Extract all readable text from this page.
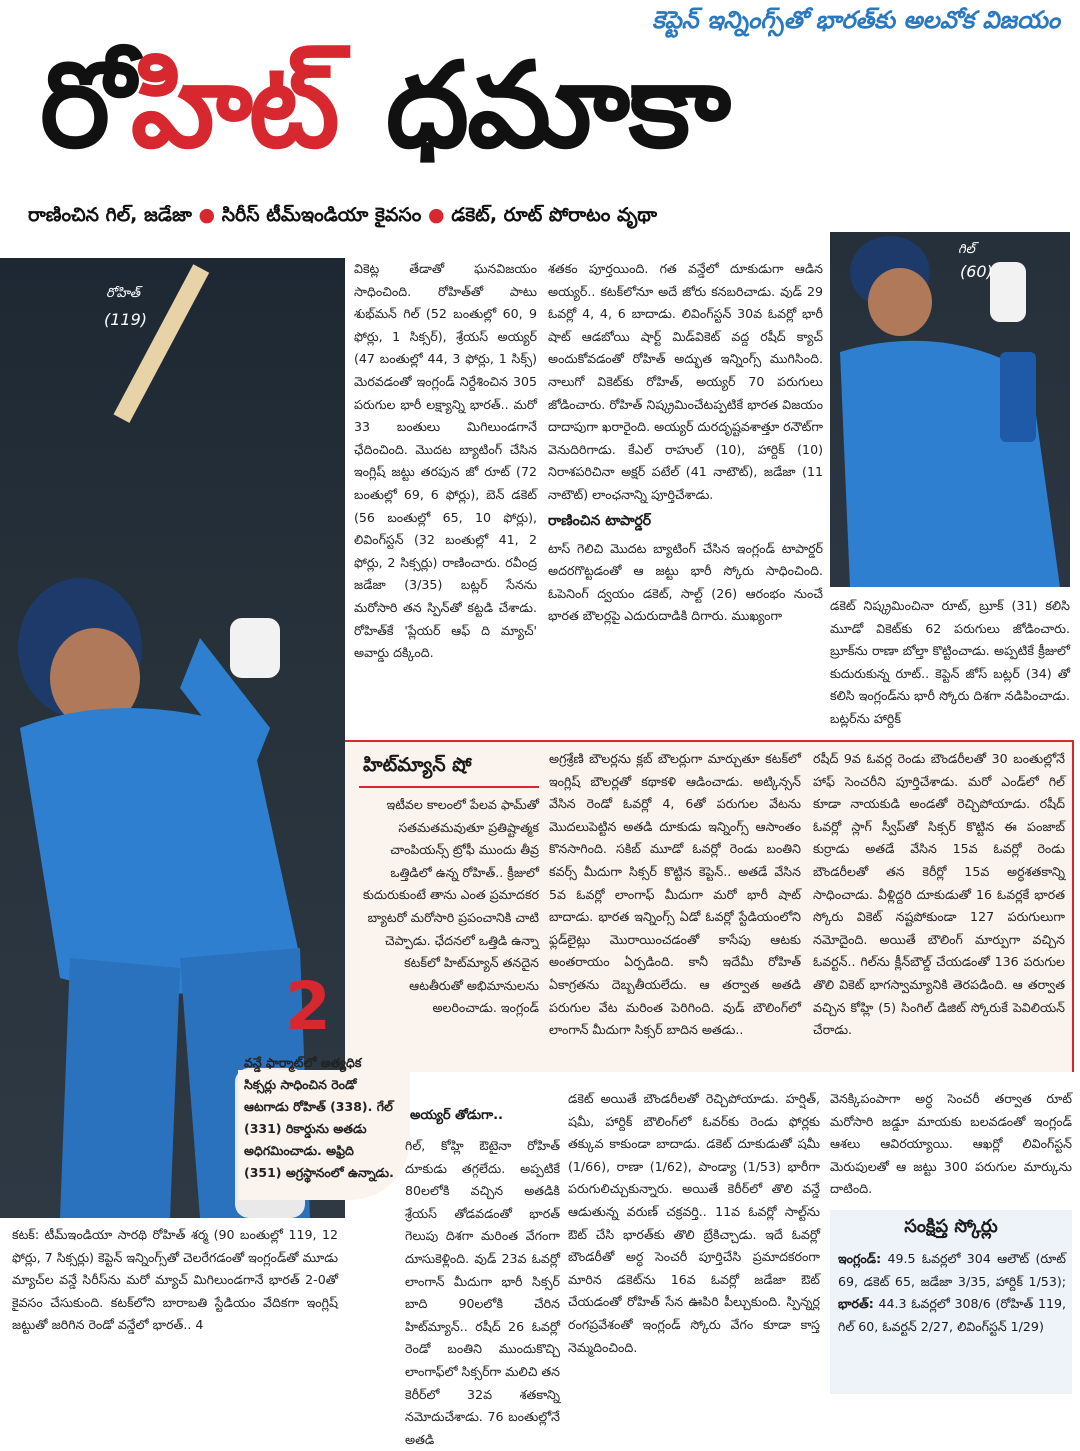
కెప్టెన్ ఇన్నింగ్స్‌తో భారత్‌కు అలవోక విజయం
రోహిట్ ధమాకా
రాణించిన గిల్, జడేజా ● సిరీస్ టీమ్‌ఇండియా కైవసం ● డకెట్, రూట్ పోరాటం వృథా
రోహిత్
(119)
గిల్
(60)
వికెట్ల తేడాతో ఘనవిజయం సాధించింది. రోహిత్‌తో పాటు శుభ్‌మన్ గిల్ (52 బంతుల్లో 60, 9 ఫోర్లు, 1 సిక్సర్), శ్రేయస్ అయ్యర్ (47 బంతుల్లో 44, 3 ఫోర్లు, 1 సిక్స్) మెరవడంతో ఇంగ్లండ్ నిర్దేశించిన 305 పరుగుల భారీ లక్ష్యాన్ని భారత్.. మరో 33 బంతులు మిగిలుండగానే ఛేదించింది. మొదట బ్యాటింగ్ చేసిన ఇంగ్లిష్ జట్టు తరపున జో రూట్ (72 బంతుల్లో 69, 6 ఫోర్లు), బెన్ డకెట్ (56 బంతుల్లో 65, 10 ఫోర్లు), లివింగ్‌స్టన్ (32 బంతుల్లో 41, 2 ఫోర్లు, 2 సిక్సర్లు) రాణించారు. రవీంద్ర జడేజా (3/35) బట్లర్ సేనను మరోసారి తన స్పిన్‌తో కట్టడి చేశాడు. రోహిత్‌కే 'ప్లేయర్ ఆఫ్ ది మ్యాచ్' అవార్డు దక్కింది.
శతకం పూర్తయింది. గత వన్డేలో దూకుడుగా ఆడిన అయ్యర్.. కటక్‌లోనూ అదే జోరు కనబరిచాడు. వుడ్ 29 ఓవర్లో 4, 4, 6 బాదాడు. లివింగ్‌స్టన్ 30వ ఓవర్లో భారీ షాట్ ఆడబోయి షార్ట్ మిడ్‌వికెట్ వద్ద రషీద్ క్యాచ్ అందుకోవడంతో రోహిత్ అద్భుత ఇన్నింగ్స్ ముగిసింది. నాలుగో వికెట్‌కు రోహిత్, అయ్యర్ 70 పరుగులు జోడించారు. రోహిత్ నిష్క్రమించేటప్పటికే భారత విజయం దాదాపుగా ఖరారైంది. అయ్యర్ దురదృష్టవశాత్తూ రనౌట్‌గా వెనుదిరిగాడు. కేఎల్ రాహుల్ (10), హార్దిక్ (10) నిరాశపరిచినా అక్షర్ పటేల్ (41 నాటౌట్), జడేజా (11 నాటౌట్) లాంఛనాన్ని పూర్తిచేశాడు.
రాణించిన టాపార్డర్
టాస్ గెలిచి మొదట బ్యాటింగ్ చేసిన ఇంగ్లండ్ టాపార్డర్ అదరగొట్టడంతో ఆ జట్టు భారీ స్కోరు సాధించింది. ఓపెనింగ్ ద్వయం డకెట్, సాల్ట్ (26) ఆరంభం నుంచే భారత బౌలర్లపై ఎదురుదాడికి దిగారు. ముఖ్యంగా
డకెట్ నిష్క్రమించినా రూట్, బ్రూక్ (31) కలిసి మూడో వికెట్‌కు 62 పరుగులు జోడించారు. బ్రూక్‌ను రాణా బోల్తా కొట్టించాడు. అప్పటికే క్రీజులో కుదురుకున్న రూట్.. కెప్టెన్ జోస్ బట్లర్ (34) తో కలిసి ఇంగ్లండ్‌ను భారీ స్కోరు దిశగా నడిపించాడు. బట్లర్‌ను హార్దిక్
హిట్‌మ్యాన్ షో
ఇటీవల కాలంలో పేలవ ఫామ్‌తో సతమతమవుతూ ప్రతిష్టాత్మక చాంపియన్స్ ట్రోఫీ ముందు తీవ్ర ఒత్తిడిలో ఉన్న రోహిత్.. క్రీజులో కుదురుకుంటే తాను ఎంత ప్రమాదకర బ్యాటరో మరోసారి ప్రపంచానికి చాటి చెప్పాడు. ఛేదనలో ఒత్తిడి ఉన్నా కటక్‌లో హిట్‌మ్యాన్ తనదైన ఆటతీరుతో అభిమానులను అలరించాడు. ఇంగ్లండ్
అగ్రశ్రేణి బౌలర్లను క్లబ్ బౌలర్లుగా మార్చుతూ కటక్‌లో ఇంగ్లిష్ బౌలర్లతో కథాకళి ఆడించాడు. అట్కిన్సన్ వేసిన రెండో ఓవర్లో 4, 6తో పరుగుల వేటను మొదలుపెట్టిన అతడి దూకుడు ఇన్నింగ్స్ ఆసాంతం కొనసాగింది. సకిబ్ మూడో ఓవర్లో రెండు బంతిని కవర్స్ మీదుగా సిక్సర్ కొట్టిన కెప్టెన్.. అతడే వేసిన 5వ ఓవర్లో లాంగాఫ్ మీదుగా మరో భారీ షాట్ బాదాడు. భారత ఇన్నింగ్స్ ఏడో ఓవర్లో స్టేడియంలోని ఫ్లడ్‌లైట్లు మొరాయించడంతో కాసేపు ఆటకు అంతరాయం ఏర్పడింది. కానీ ఇదేమీ రోహిత్ ఏకాగ్రతను దెబ్బతీయలేదు. ఆ తర్వాత అతడి పరుగుల వేట మరింత పెరిగింది. వుడ్ బౌలింగ్‌లో లాంగాన్ మీదుగా సిక్సర్ బాదిన అతడు..
రషీద్ 9వ ఓవర్ల రెండు బౌండరీలతో 30 బంతుల్లోనే హాఫ్ సెంచరీని పూర్తిచేశాడు. మరో ఎండ్‌లో గిల్ కూడా నాయకుడి అండతో రెచ్చిపోయాడు. రషీద్ ఓవర్లో స్లాగ్ స్వీప్‌తో సిక్సర్ కొట్టిన ఈ పంజాబ్ కుర్రాడు అతడే వేసిన 15వ ఓవర్లో రెండు బౌండరీలతో తన కెరీర్లో 15వ అర్ధశతకాన్ని సాధించాడు. వీళ్లిద్దరి దూకుడుతో 16 ఓవర్లకే భారత స్కోరు వికెట్ నష్టపోకుండా 127 పరుగులుగా నమోదైంది. అయితే బౌలింగ్ మార్పుగా వచ్చిన ఓవర్టన్.. గిల్‌ను క్లీన్‌బౌల్డ్ చేయడంతో 136 పరుగుల తొలి వికెట్ భాగస్వామ్యానికి తెరపడింది. ఆ తర్వాత వచ్చిన కోహ్లి (5) సింగిల్ డిజిట్ స్కోరుకే పెవిలియన్ చేరాడు.
2
వన్డే ఫార్మాట్‌లో అత్యధిక సిక్సర్లు సాధించిన రెండో ఆటగాడు రోహిత్ (338). గేల్ (331) రికార్డును అతడు అధిగమించాడు. అఫ్రిది (351) అగ్రస్థానంలో ఉన్నాడు.
కటక్: టీమ్‌ఇండియా సారథి రోహిత్ శర్మ (90 బంతుల్లో 119, 12 ఫోర్లు, 7 సిక్సర్లు) కెప్టెన్ ఇన్నింగ్స్‌తో చెలరేగడంతో ఇంగ్లండ్‌తో మూడు మ్యాచ్‌ల వన్డే సిరీస్‌ను మరో మ్యాచ్ మిగిలుండగానే భారత్ 2-0తో కైవసం చేసుకుంది. కటక్‌లోని బారాబతి స్టేడియం వేదికగా ఇంగ్లిష్ జట్టుతో జరిగిన రెండో వన్డేలో భారత్.. 4
అయ్యర్ తోడుగా..
గిల్, కోహ్లి ఔటైనా రోహిత్ దూకుడు తగ్గలేదు. అప్పటికే 80లలోకి వచ్చిన అతడికి శ్రేయస్ తోడవడంతో భారత్ గెలుపు దిశగా మరింత వేగంగా దూసుకెళ్లింది. వుడ్ 23వ ఓవర్లో లాంగాన్ మీదుగా భారీ సిక్సర్ బాది 90లలోకి చేరిన హిట్‌మ్యాన్.. రషీద్ 26 ఓవర్లో రెండో బంతిని ముందుకొచ్చి లాంగాఫ్‌లో సిక్సర్‌గా మలిచి తన కెరీర్‌లో 32వ శతకాన్ని నమోదుచేశాడు. 76 బంతుల్లోనే అతడి
డకెట్ అయితే బౌండరీలతో రెచ్చిపోయాడు. హర్షిత్, షమీ, హార్దిక్ బౌలింగ్‌లో ఓవర్‌కు రెండు ఫోర్లకు తక్కువ కాకుండా బాదాడు. డకెట్ దూకుడుతో షమీ (1/66), రాణా (1/62), పాండ్యా (1/53) భారీగా పరుగులిచ్చుకున్నారు. అయితే కెరీర్‌లో తొలి వన్డే ఆడుతున్న వరుణ్ చక్రవర్తి.. 11వ ఓవర్లో సాల్ట్‌ను ఔట్ చేసి భారత్‌కు తొలి బ్రేకిచ్చాడు. ఇదే ఓవర్లో బౌండరీతో అర్ధ సెంచరీ పూర్తిచేసి ప్రమాదకరంగా మారిన డకెట్‌ను 16వ ఓవర్లో జడేజా ఔట్ చేయడంతో రోహిత్ సేన ఊపిరి పీల్చుకుంది. స్పిన్నర్ల రంగప్రవేశంతో ఇంగ్లండ్ స్కోరు వేగం కూడా కాస్త నెమ్మదించింది.
వెనక్కిపంపాగా అర్ధ సెంచరీ తర్వాత రూట్ మరోసారి జడ్డూ మాయకు బలవడంతో ఇంగ్లండ్ ఆశలు ఆవిరయ్యాయి. ఆఖర్లో లివింగ్‌స్టన్ మెరుపులతో ఆ జట్టు 300 పరుగుల మార్కును దాటింది.
సంక్షిప్త స్కోర్లు
ఇంగ్లండ్: 49.5 ఓవర్లలో 304 ఆలౌట్ (రూట్ 69, డకెట్ 65, జడేజా 3/35, హార్దిక్ 1/53); భారత్: 44.3 ఓవర్లలో 308/6 (రోహిత్ 119, గిల్ 60, ఓవర్టన్ 2/27, లివింగ్‌స్టన్ 1/29)
